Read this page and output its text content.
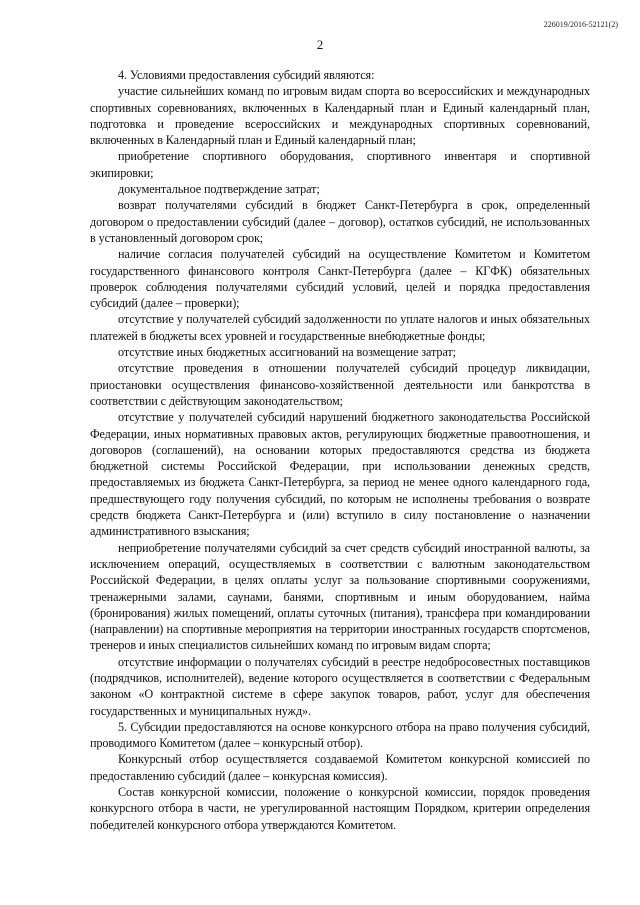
226019/2016-52121(2)
2

4. Условиями предоставления субсидий являются:

участие сильнейших команд по игровым видам спорта во всероссийских и международных спортивных соревнованиях, включенных в Календарный план и Единый календарный план, подготовка и проведение всероссийских и международных спортивных соревнований, включенных в Календарный план и Единый календарный план;

приобретение спортивного оборудования, спортивного инвентаря и спортивной экипировки;

документальное подтверждение затрат;

возврат получателями субсидий в бюджет Санкт-Петербурга в срок, определенный договором о предоставлении субсидий (далее – договор), остатков субсидий, не использованных в установленный договором срок;

наличие согласия получателей субсидий на осуществление Комитетом и Комитетом государственного финансового контроля Санкт-Петербурга (далее – КГФК) обязательных проверок соблюдения получателями субсидий условий, целей и порядка предоставления субсидий (далее – проверки);

отсутствие у получателей субсидий задолженности по уплате налогов и иных обязательных платежей в бюджеты всех уровней и государственные внебюджетные фонды;

отсутствие иных бюджетных ассигнований на возмещение затрат;

отсутствие проведения в отношении получателей субсидий процедур ликвидации, приостановки осуществления финансово-хозяйственной деятельности или банкротства в соответствии с действующим законодательством;

отсутствие у получателей субсидий нарушений бюджетного законодательства Российской Федерации, иных нормативных правовых актов, регулирующих бюджетные правоотношения, и договоров (соглашений), на основании которых предоставляются средства из бюджета бюджетной системы Российской Федерации, при использовании денежных средств, предоставляемых из бюджета Санкт-Петербурга, за период не менее одного календарного года, предшествующего году получения субсидий, по которым не исполнены требования о возврате средств бюджета Санкт-Петербурга и (или) вступило в силу постановление о назначении административного взыскания;

неприобретение получателями субсидий за счет средств субсидий иностранной валюты, за исключением операций, осуществляемых в соответствии с валютным законодательством Российской Федерации, в целях оплаты услуг за пользование спортивными сооружениями, тренажерными залами, саунами, банями, спортивным и иным оборудованием, найма (бронирования) жилых помещений, оплаты суточных (питания), трансфера при командировании (направлении) на спортивные мероприятия на территории иностранных государств спортсменов, тренеров и иных специалистов сильнейших команд по игровым видам спорта;

отсутствие информации о получателях субсидий в реестре недобросовестных поставщиков (подрядчиков, исполнителей), ведение которого осуществляется в соответствии с Федеральным законом «О контрактной системе в сфере закупок товаров, работ, услуг для обеспечения государственных и муниципальных нужд».

5. Субсидии предоставляются на основе конкурсного отбора на право получения субсидий, проводимого Комитетом (далее – конкурсный отбор).

Конкурсный отбор осуществляется создаваемой Комитетом конкурсной комиссией по предоставлению субсидий (далее – конкурсная комиссия).

Состав конкурсной комиссии, положение о конкурсной комиссии, порядок проведения конкурсного отбора в части, не урегулированной настоящим Порядком, критерии определения победителей конкурсного отбора утверждаются Комитетом.
